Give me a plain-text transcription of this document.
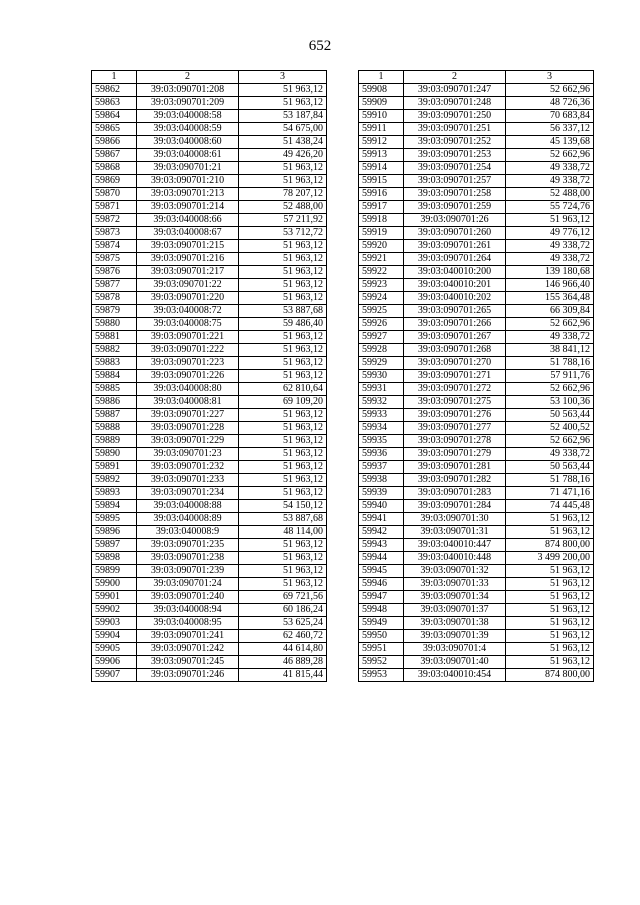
652
1	2	3
59862	39:03:090701:208	51 963,12
59863	39:03:090701:209	51 963,12
59864	39:03:040008:58	53 187,84
59865	39:03:040008:59	54 675,00
59866	39:03:040008:60	51 438,24
59867	39:03:040008:61	49 426,20
59868	39:03:090701:21	51 963,12
59869	39:03:090701:210	51 963,12
59870	39:03:090701:213	78 207,12
59871	39:03:090701:214	52 488,00
59872	39:03:040008:66	57 211,92
59873	39:03:040008:67	53 712,72
59874	39:03:090701:215	51 963,12
59875	39:03:090701:216	51 963,12
59876	39:03:090701:217	51 963,12
59877	39:03:090701:22	51 963,12
59878	39:03:090701:220	51 963,12
59879	39:03:040008:72	53 887,68
59880	39:03:040008:75	59 486,40
59881	39:03:090701:221	51 963,12
59882	39:03:090701:222	51 963,12
59883	39:03:090701:223	51 963,12
59884	39:03:090701:226	51 963,12
59885	39:03:040008:80	62 810,64
59886	39:03:040008:81	69 109,20
59887	39:03:090701:227	51 963,12
59888	39:03:090701:228	51 963,12
59889	39:03:090701:229	51 963,12
59890	39:03:090701:23	51 963,12
59891	39:03:090701:232	51 963,12
59892	39:03:090701:233	51 963,12
59893	39:03:090701:234	51 963,12
59894	39:03:040008:88	54 150,12
59895	39:03:040008:89	53 887,68
59896	39:03:040008:9	48 114,00
59897	39:03:090701:235	51 963,12
59898	39:03:090701:238	51 963,12
59899	39:03:090701:239	51 963,12
59900	39:03:090701:24	51 963,12
59901	39:03:090701:240	69 721,56
59902	39:03:040008:94	60 186,24
59903	39:03:040008:95	53 625,24
59904	39:03:090701:241	62 460,72
59905	39:03:090701:242	44 614,80
59906	39:03:090701:245	46 889,28
59907	39:03:090701:246	41 815,44
1	2	3
59908	39:03:090701:247	52 662,96
59909	39:03:090701:248	48 726,36
59910	39:03:090701:250	70 683,84
59911	39:03:090701:251	56 337,12
59912	39:03:090701:252	45 139,68
59913	39:03:090701:253	52 662,96
59914	39:03:090701:254	49 338,72
59915	39:03:090701:257	49 338,72
59916	39:03:090701:258	52 488,00
59917	39:03:090701:259	55 724,76
59918	39:03:090701:26	51 963,12
59919	39:03:090701:260	49 776,12
59920	39:03:090701:261	49 338,72
59921	39:03:090701:264	49 338,72
59922	39:03:040010:200	139 180,68
59923	39:03:040010:201	146 966,40
59924	39:03:040010:202	155 364,48
59925	39:03:090701:265	66 309,84
59926	39:03:090701:266	52 662,96
59927	39:03:090701:267	49 338,72
59928	39:03:090701:268	38 841,12
59929	39:03:090701:270	51 788,16
59930	39:03:090701:271	57 911,76
59931	39:03:090701:272	52 662,96
59932	39:03:090701:275	53 100,36
59933	39:03:090701:276	50 563,44
59934	39:03:090701:277	52 400,52
59935	39:03:090701:278	52 662,96
59936	39:03:090701:279	49 338,72
59937	39:03:090701:281	50 563,44
59938	39:03:090701:282	51 788,16
59939	39:03:090701:283	71 471,16
59940	39:03:090701:284	74 445,48
59941	39:03:090701:30	51 963,12
59942	39:03:090701:31	51 963,12
59943	39:03:040010:447	874 800,00
59944	39:03:040010:448	3 499 200,00
59945	39:03:090701:32	51 963,12
59946	39:03:090701:33	51 963,12
59947	39:03:090701:34	51 963,12
59948	39:03:090701:37	51 963,12
59949	39:03:090701:38	51 963,12
59950	39:03:090701:39	51 963,12
59951	39:03:090701:4	51 963,12
59952	39:03:090701:40	51 963,12
59953	39:03:040010:454	874 800,00
